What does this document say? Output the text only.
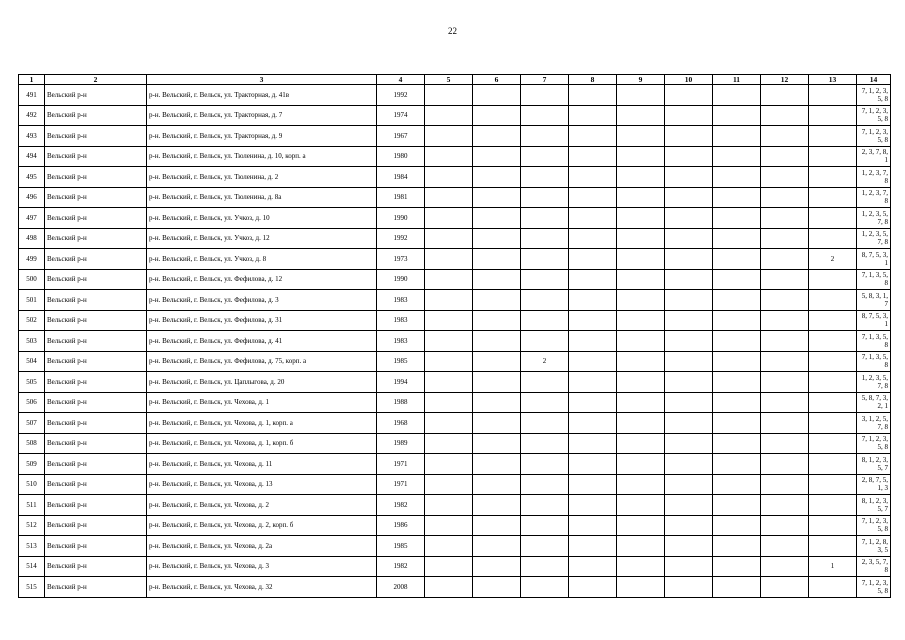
22
1	2	3	4	5	6	7	8	9	10	11	12	13	14
491	Вельский р-н	р-н. Вельский, г. Вельск, ул. Тракторная, д. 41в	1992										7, 1, 2, 3, 5, 8
492	Вельский р-н	р-н. Вельский, г. Вельск, ул. Тракторная, д. 7	1974										7, 1, 2, 3, 5, 8
493	Вельский р-н	р-н. Вельский, г. Вельск, ул. Тракторная, д. 9	1967										7, 1, 2, 3, 5, 8
494	Вельский р-н	р-н. Вельский, г. Вельск, ул. Тюленина, д. 10, корп. а	1980										2, 3, 7, 8, 1
495	Вельский р-н	р-н. Вельский, г. Вельск, ул. Тюленина, д. 2	1984										1, 2, 3, 7, 8
496	Вельский р-н	р-н. Вельский, г. Вельск, ул. Тюленина, д. 8а	1981										1, 2, 3, 7, 8
497	Вельский р-н	р-н. Вельский, г. Вельск, ул. Учкоз, д. 10	1990										1, 2, 3, 5, 7, 8
498	Вельский р-н	р-н. Вельский, г. Вельск, ул. Учкоз, д. 12	1992										1, 2, 3, 5, 7, 8
499	Вельский р-н	р-н. Вельский, г. Вельск, ул. Учкоз, д. 8	1973									2	8, 7, 5, 3, 1
500	Вельский р-н	р-н. Вельский, г. Вельск, ул. Фефилова, д. 12	1990										7, 1, 3, 5, 8
501	Вельский р-н	р-н. Вельский, г. Вельск, ул. Фефилова, д. 3	1983										5, 8, 3, 1, 7
502	Вельский р-н	р-н. Вельский, г. Вельск, ул. Фефилова, д. 31	1983										8, 7, 5, 3, 1
503	Вельский р-н	р-н. Вельский, г. Вельск, ул. Фефилова, д. 41	1983										7, 1, 3, 5, 8
504	Вельский р-н	р-н. Вельский, г. Вельск, ул. Фефилова, д. 75, корп. а	1985			2							7, 1, 3, 5, 8
505	Вельский р-н	р-н. Вельский, г. Вельск, ул. Цаплыгова, д. 20	1994										1, 2, 3, 5, 7, 8
506	Вельский р-н	р-н. Вельский, г. Вельск, ул. Чехова, д. 1	1988										5, 8, 7, 3, 2, 1
507	Вельский р-н	р-н. Вельский, г. Вельск, ул. Чехова, д. 1, корп. а	1968										3, 1, 2, 5, 7, 8
508	Вельский р-н	р-н. Вельский, г. Вельск, ул. Чехова, д. 1, корп. б	1989										7, 1, 2, 3, 5, 8
509	Вельский р-н	р-н. Вельский, г. Вельск, ул. Чехова, д. 11	1971										8, 1, 2, 3, 5, 7
510	Вельский р-н	р-н. Вельский, г. Вельск, ул. Чехова, д. 13	1971										2, 8, 7, 5, 1, 3
511	Вельский р-н	р-н. Вельский, г. Вельск, ул. Чехова, д. 2	1982										8, 1, 2, 3, 5, 7
512	Вельский р-н	р-н. Вельский, г. Вельск, ул. Чехова, д. 2, корп. б	1986										7, 1, 2, 3, 5, 8
513	Вельский р-н	р-н. Вельский, г. Вельск, ул. Чехова, д. 2а	1985										7, 1, 2, 8, 3, 5
514	Вельский р-н	р-н. Вельский, г. Вельск, ул. Чехова, д. 3	1982									1	2, 3, 5, 7, 8
515	Вельский р-н	р-н. Вельский, г. Вельск, ул. Чехова, д. 32	2008										7, 1, 2, 3, 5, 8
